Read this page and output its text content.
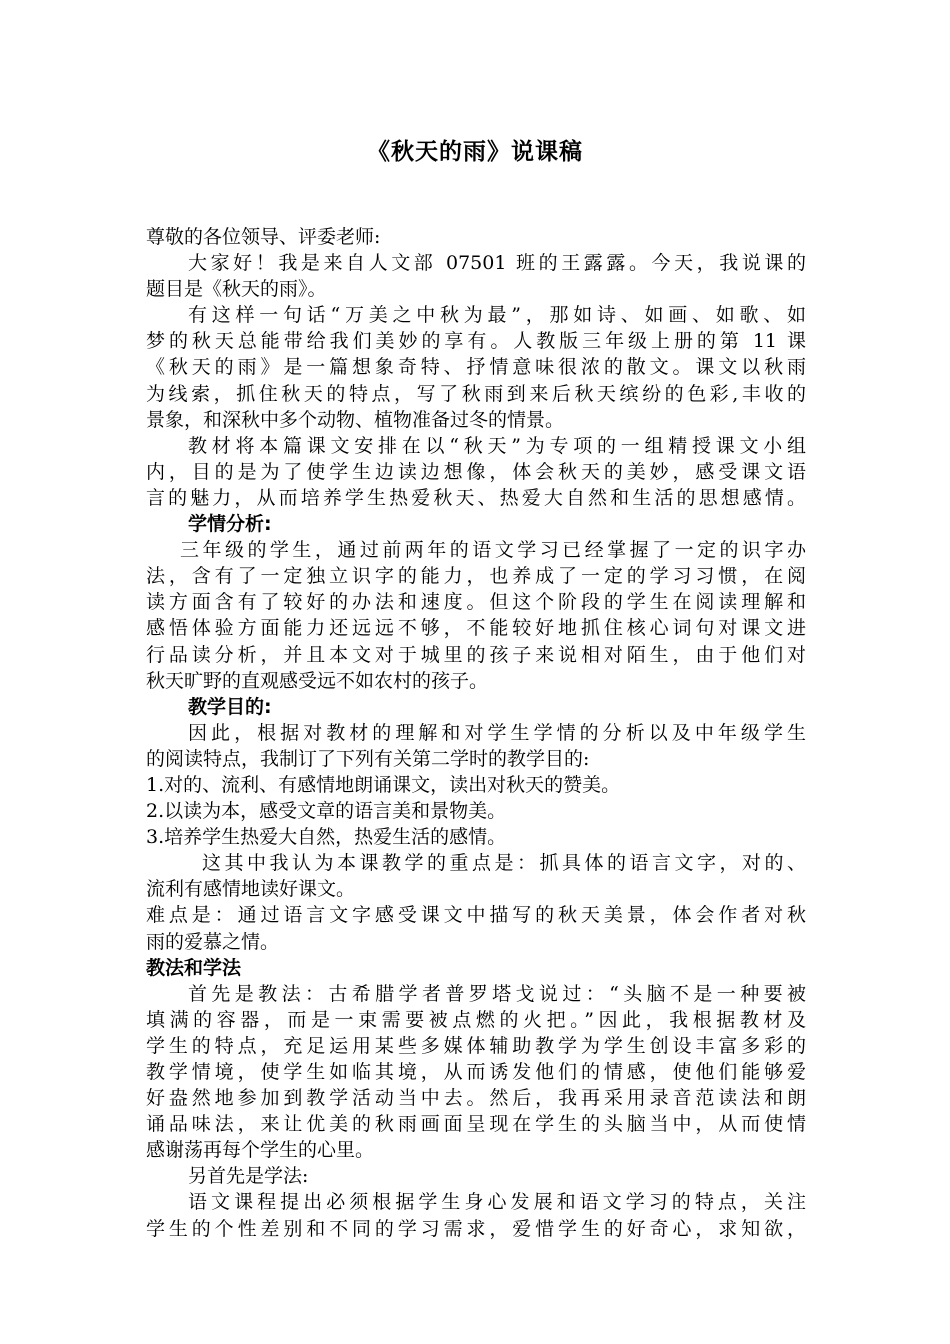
《秋天的雨》说课稿
尊敬的各位领导、评委老师:
大家好！我是来自人文部 07501 班的王露露。今天，我说课的
题目是《秋天的雨》。
有这样一句话“万美之中秋为最”，那如诗、如画、如歌、如
梦的秋天总能带给我们美妙的享有。人教版三年级上册的第 11 课
《秋天的雨》是一篇想象奇特、抒情意味很浓的散文。课文以秋雨
为线索，抓住秋天的特点，写了秋雨到来后秋天缤纷的色彩,丰收的
景象，和深秋中多个动物、植物准备过冬的情景。
教材将本篇课文安排在以“秋天”为专项的一组精授课文小组
内，目的是为了使学生边读边想像，体会秋天的美妙，感受课文语
言的魅力，从而培养学生热爱秋天、热爱大自然和生活的思想感情。
学情分析:
三年级的学生，通过前两年的语文学习已经掌握了一定的识字办
法，含有了一定独立识字的能力，也养成了一定的学习习惯，在阅
读方面含有了较好的办法和速度。但这个阶段的学生在阅读理解和
感悟体验方面能力还远远不够，不能较好地抓住核心词句对课文进
行品读分析，并且本文对于城里的孩子来说相对陌生，由于他们对
秋天旷野的直观感受远不如农村的孩子。
教学目的:
因此，根据对教材的理解和对学生学情的分析以及中年级学生
的阅读特点，我制订了下列有关第二学时的教学目的:
1.对的、流利、有感情地朗诵课文，读出对秋天的赞美。
2.以读为本，感受文章的语言美和景物美。
3.培养学生热爱大自然，热爱生活的感情。
这其中我认为本课教学的重点是：抓具体的语言文字，对的、
流利有感情地读好课文。
难点是：通过语言文字感受课文中描写的秋天美景，体会作者对秋
雨的爱慕之情。
教法和学法
首先是教法：古希腊学者普罗塔戈说过：“头脑不是一种要被
填满的容器，而是一束需要被点燃的火把。”因此，我根据教材及
学生的特点，充足运用某些多媒体辅助教学为学生创设丰富多彩的
教学情境，使学生如临其境，从而诱发他们的情感，使他们能够爱
好盎然地参加到教学活动当中去。然后，我再采用录音范读法和朗
诵品味法，来让优美的秋雨画面呈现在学生的头脑当中，从而使情
感谢荡再每个学生的心里。
另首先是学法:
语文课程提出必须根据学生身心发展和语文学习的特点，关注
学生的个性差别和不同的学习需求，爱惜学生的好奇心，求知欲，
